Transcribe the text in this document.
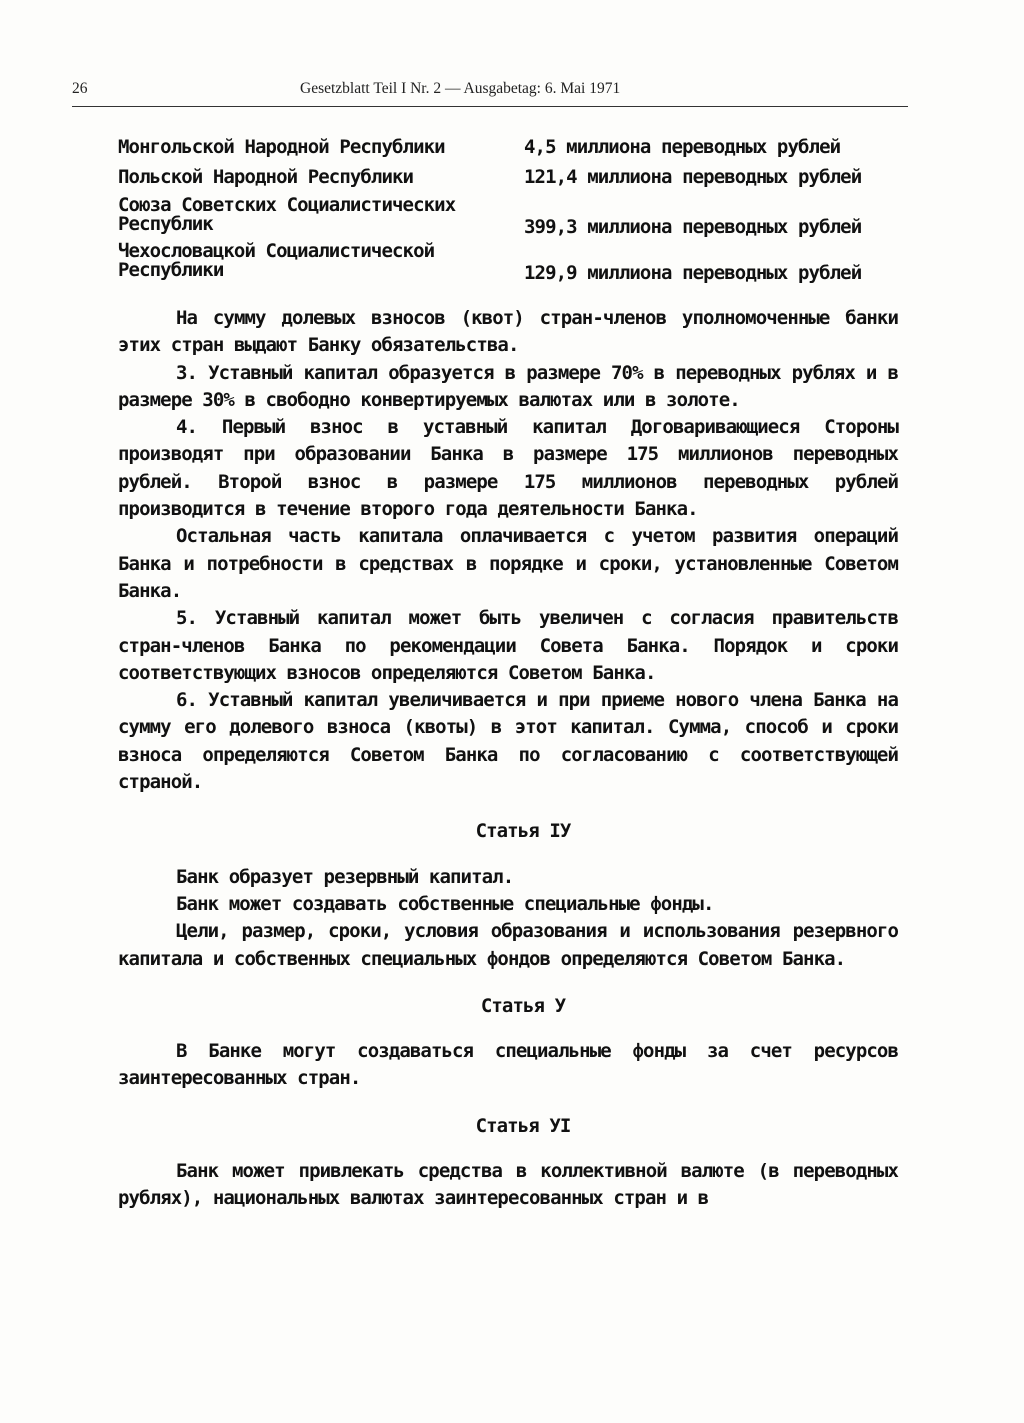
26	Gesetzblatt Teil I Nr. 2 — Ausgabetag: 6. Mai 1971
Монгольской Народной Республики	4,5 миллиона переводных рублей
Польской Народной Республики	121,4 миллиона переводных рублей
Союза Советских Социалистических Республик	399,3 миллиона переводных рублей
Чехословацкой Социалистической Республики	129,9 миллиона переводных рублей

На сумму долевых взносов (квот) стран-членов уполномоченные банки этих стран выдают Банку обязательства.

3. Уставный капитал образуется в размере 70% в переводных рублях и в размере 30% в свободно конвертируемых валютах или в золоте.

4. Первый взнос в уставный капитал Договаривающиеся Стороны производят при образовании Банка в размере 175 миллионов переводных рублей. Второй взнос в размере 175 миллионов переводных рублей производится в течение второго года деятельности Банка.

Остальная часть капитала оплачивается с учетом развития операций Банка и потребности в средствах в порядке и сроки, установленные Советом Банка.

5. Уставный капитал может быть увеличен с согласия правительств стран-членов Банка по рекомендации Совета Банка. Порядок и сроки соответствующих взносов определяются Советом Банка.

6. Уставный капитал увеличивается и при приеме нового члена Банка на сумму его долевого взноса (квоты) в этот капитал. Сумма, способ и сроки взноса определяются Советом Банка по согласованию с соответствующей страной.

Статья IУ

Банк образует резервный капитал.

Банк может создавать собственные специальные фонды.

Цели, размер, сроки, условия образования и использования резервного капитала и собственных специальных фондов определяются Советом Банка.

Статья У

В Банке могут создаваться специальные фонды за счет ресурсов заинтересованных стран.

Статья УI

Банк может привлекать средства в коллективной валюте (в переводных рублях), национальных валютах заинтересованных стран и в
